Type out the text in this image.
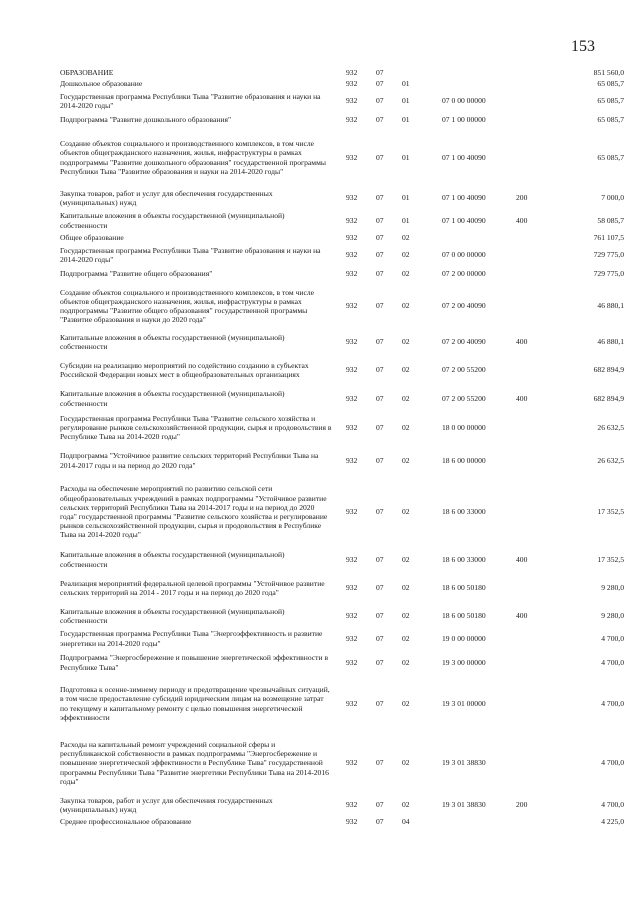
153
ОБРАЗОВАНИЕ	932	07				851 560,0
Дошкольное образование	932	07	01			65 085,7
Государственная программа Республики Тыва "Развитие образования и науки на 2014-2020 годы"	932	07	01	07 0 00 00000		65 085,7
Подпрограмма "Развитие дошкольного образования"	932	07	01	07 1 00 00000		65 085,7
Создание объектов социального и производственного комплексов, в том числе объектов общегражданского назначения, жилья, инфраструктуры в рамках подпрограммы "Развитие дошкольного образования" государственной программы Республики Тыва "Развитие образования и науки на 2014-2020 годы"	932	07	01	07 1 00 40090		65 085,7
Закупка товаров, работ и услуг для обеспечения государственных (муниципальных) нужд	932	07	01	07 1 00 40090	200	7 000,0
Капитальные вложения в объекты государственной (муниципальной) собственности	932	07	01	07 1 00 40090	400	58 085,7
Общее образование	932	07	02			761 107,5
Государственная программа Республики Тыва "Развитие образования и науки на 2014-2020 годы"	932	07	02	07 0 00 00000		729 775,0
Подпрограмма "Развитие общего образования"	932	07	02	07 2 00 00000		729 775,0
Создание объектов социального и производственного комплексов, в том числе объектов общегражданского назначения, жилья, инфраструктуры в рамках подпрограммы "Развитие общего образования" государственной программы "Развитие образования и науки до 2020 года"	932	07	02	07 2 00 40090		46 880,1
Капитальные вложения в объекты государственной (муниципальной) собственности	932	07	02	07 2 00 40090	400	46 880,1
Субсидии на реализацию мероприятий по содействию созданию в субъектах Российской Федерации новых мест в общеобразовательных организациях	932	07	02	07 2 00 55200		682 894,9
Капитальные вложения в объекты государственной (муниципальной) собственности	932	07	02	07 2 00 55200	400	682 894,9
Государственная программа Республики Тыва "Развитие сельского хозяйства и регулирование рынков сельскохозяйственной продукции, сырья и продовольствия в Республике Тыва на 2014-2020 годы"	932	07	02	18 0 00 00000		26 632,5
Подпрограмма "Устойчивое развитие сельских территорий Республики Тыва на 2014-2017 годы и на период до 2020 года"	932	07	02	18 6 00 00000		26 632,5
Расходы на обеспечение мероприятий по развитию сельской сети общеобразовательных учреждений в рамках подпрограммы "Устойчивое развитие сельских территорий Республики Тыва на 2014-2017 годы и на период до 2020 года" государственной программы "Развитие сельского хозяйства и регулирование рынков сельскохозяйственной продукции, сырья и продовольствия в Республике Тыва на 2014-2020 годы"	932	07	02	18 6 00 33000		17 352,5
Капитальные вложения в объекты государственной (муниципальной) собственности	932	07	02	18 6 00 33000	400	17 352,5
Реализация мероприятий федеральной целевой программы "Устойчивое развитие сельских территорий на 2014 - 2017 годы и на период до 2020 года"	932	07	02	18 6 00 50180		9 280,0
Капитальные вложения в объекты государственной (муниципальной) собственности	932	07	02	18 6 00 50180	400	9 280,0
Государственная программа Республики Тыва "Энергоэффективность и развитие энергетики на 2014-2020 годы"	932	07	02	19 0 00 00000		4 700,0
Подпрограмма "Энергосбережение и повышение энергетической эффективности в Республике Тыва"	932	07	02	19 3 00 00000		4 700,0
Подготовка к осенне-зимнему периоду и предотвращение чрезвычайных ситуаций, в том числе предоставление субсидий юридическим лицам на возмещение затрат по текущему и капитальному ремонту с целью повышения энергетической эффективности	932	07	02	19 3 01 00000		4 700,0
Расходы на капитальный ремонт учреждений социальной сферы и республиканской собственности в рамках подпрограммы "Энергосбережение и повышение энергетической эффективности в Республике Тыва" государственной программы Республики Тыва "Развитие энергетики Республики Тыва на 2014-2016 годы"	932	07	02	19 3 01 38830		4 700,0
Закупка товаров, работ и услуг для обеспечения государственных (муниципальных) нужд	932	07	02	19 3 01 38830	200	4 700,0
Среднее профессиональное образование	932	07	04			4 225,0
